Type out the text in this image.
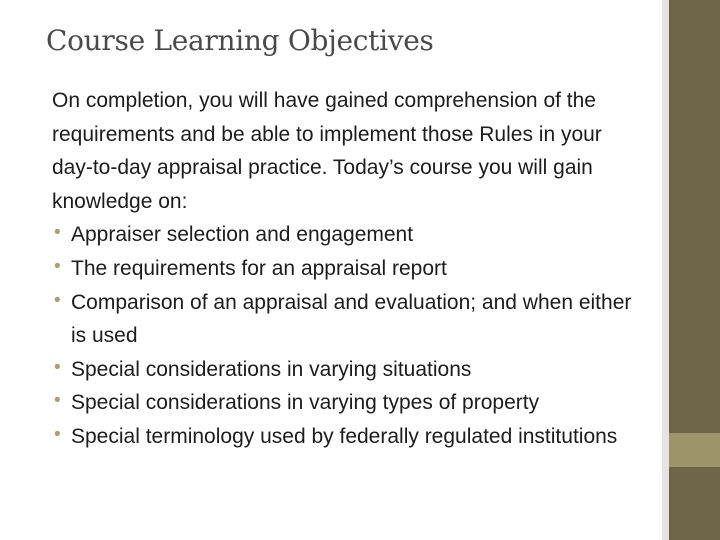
Course Learning Objectives

On completion, you will have gained comprehension of the requirements and be able to implement those Rules in your day-to-day appraisal practice. Today’s course you will gain knowledge on:

• Appraiser selection and engagement
• The requirements for an appraisal report
• Comparison of an appraisal and evaluation; and when either is used
• Special considerations in varying situations
• Special considerations in varying types of property
• Special terminology used by federally regulated institutions
